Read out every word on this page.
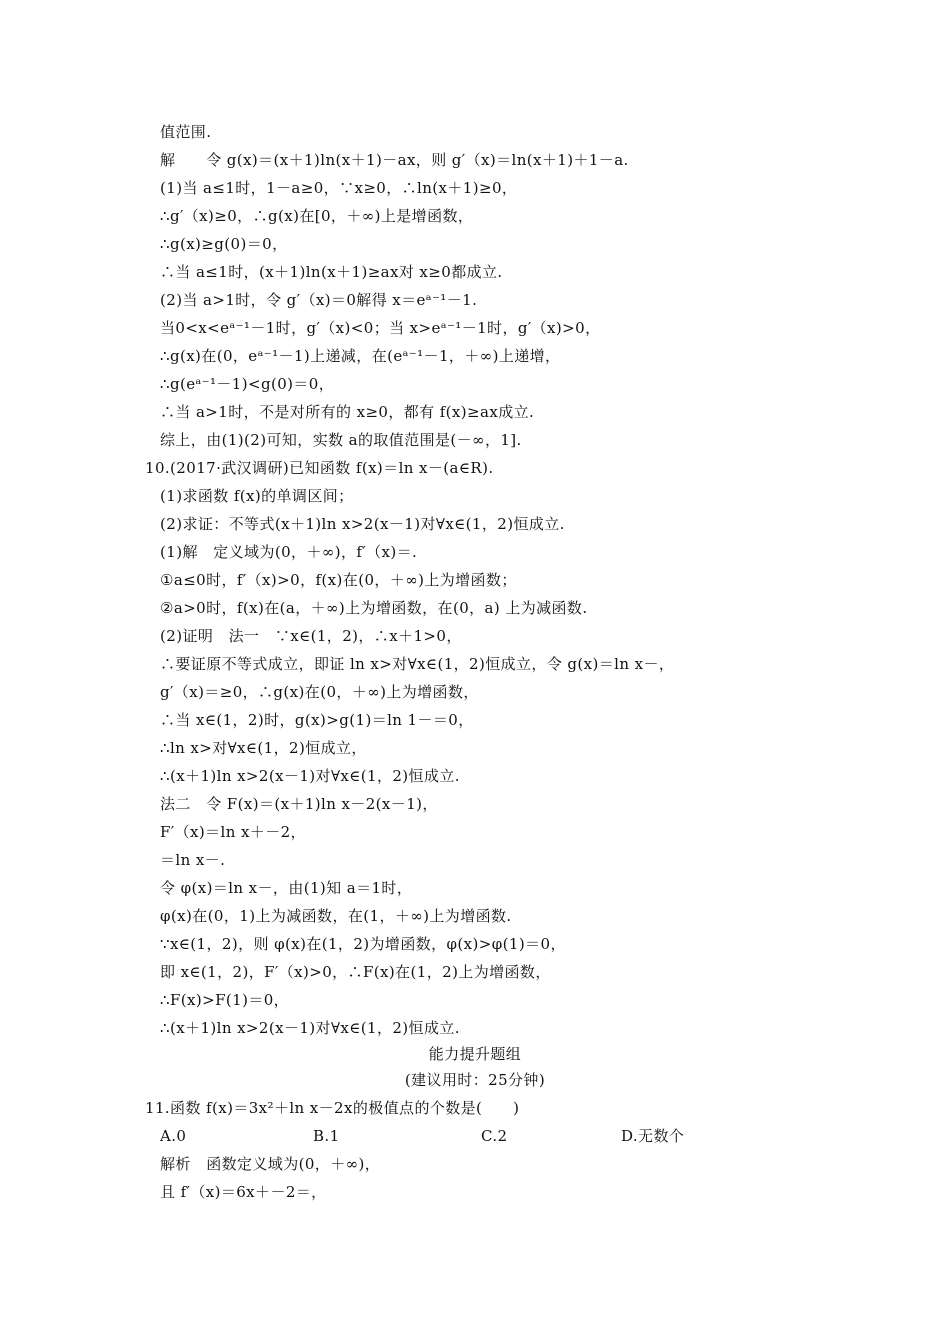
值范围.
解　　令 g(x)＝(x＋1)ln(x＋1)－ax，则 g′（x)＝ln(x＋1)＋1－a.
(1)当 a≤1时，1－a≥0，∵x≥0，∴ln(x＋1)≥0，
∴g′（x)≥0，∴g(x)在[0，＋∞)上是增函数，
∴g(x)≥g(0)＝0，
∴当 a≤1时，(x＋1)ln(x＋1)≥ax对 x≥0都成立.
(2)当 a>1时，令 g′（x)＝0解得 x＝eᵃ⁻¹－1.
当0<x<eᵃ⁻¹－1时，g′（x)<0；当 x>eᵃ⁻¹－1时，g′（x)>0，
∴g(x)在(0，eᵃ⁻¹－1)上递减，在(eᵃ⁻¹－1，＋∞)上递增，
∴g(eᵃ⁻¹－1)<g(0)＝0，
∴当 a>1时，不是对所有的 x≥0，都有 f(x)≥ax成立.
综上，由(1)(2)可知，实数 a的取值范围是(－∞，1].
10.(2017·武汉调研)已知函数 f(x)＝ln x－(a∈R).
(1)求函数 f(x)的单调区间；
(2)求证：不等式(x＋1)ln x>2(x－1)对∀x∈(1，2)恒成立.
(1)解　定义域为(0，＋∞)，f′（x)＝.
①a≤0时，f′（x)>0，f(x)在(0，＋∞)上为增函数；
②a>0时，f(x)在(a，＋∞)上为增函数，在(0，a) 上为减函数.
(2)证明　法一　∵x∈(1，2)，∴x＋1>0，
∴要证原不等式成立，即证 ln x>对∀x∈(1，2)恒成立，令 g(x)＝ln x－，
g′（x)＝≥0，∴g(x)在(0，＋∞)上为增函数，
∴当 x∈(1，2)时，g(x)>g(1)＝ln 1－＝0，
∴ln x>对∀x∈(1，2)恒成立，
∴(x＋1)ln x>2(x－1)对∀x∈(1，2)恒成立.
法二　令 F(x)＝(x＋1)ln x－2(x－1)，
F′（x)＝ln x＋－2，
＝ln x－.
令 φ(x)＝ln x－，由(1)知 a＝1时，
φ(x)在(0，1)上为减函数，在(1，＋∞)上为增函数.
∵x∈(1，2)，则 φ(x)在(1，2)为增函数，φ(x)>φ(1)＝0，
即 x∈(1，2)，F′（x)>0，∴F(x)在(1，2)上为增函数，
∴F(x)>F(1)＝0，
∴(x＋1)ln x>2(x－1)对∀x∈(1，2)恒成立.
能力提升题组
(建议用时：25分钟)
11.函数 f(x)＝3x²＋ln x－2x的极值点的个数是(　　)
A.0	B.1	C.2	D.无数个
解析　函数定义域为(0，＋∞)，
且 f′（x)＝6x＋－2＝，
